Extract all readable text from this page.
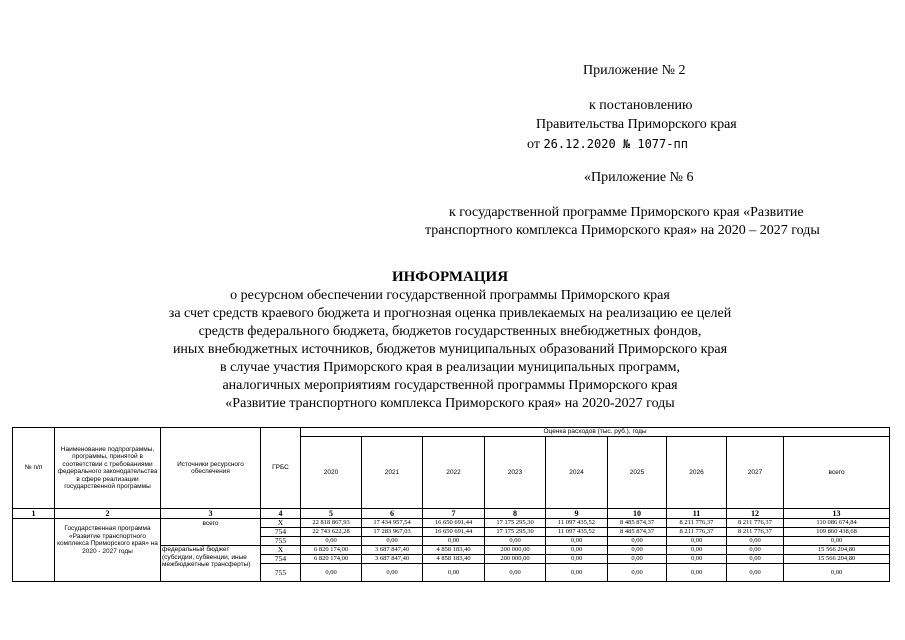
Приложение № 2
к постановлению
Правительства Приморского края
от 26.12.2020 № 1077-пп
«Приложение № 6
к государственной программе Приморского края «Развитие
транспортного комплекса Приморского края» на 2020 – 2027 годы
ИНФОРМАЦИЯ
о ресурсном обеспечении государственной программы Приморского края
за счет средств краевого бюджета и прогнозная оценка привлекаемых на реализацию ее целей
средств федерального бюджета, бюджетов государственных внебюджетных фондов,
иных внебюджетных источников, бюджетов муниципальных образований Приморского края
в случае участия Приморского края в реализации муниципальных программ,
аналогичных мероприятиям государственной программы Приморского края
«Развитие транспортного комплекса Приморского края» на 2020-2027 годы
№ п/п	Наименование подпрограммы, программы, принятой в соответствии с требованиями федерального законодательства в сфере реализации государственной программы	Источники ресурсного обеспечения	ГРБС	Оценка расходов (тыс. руб.), годы								
				2020	2021	2022	2023	2024	2025	2026	2027	всего
1	2	3	4	5	6	7	8	9	10	11	12	13
	Государственная программа «Развитие транспортного комплекса Приморского края» на 2020 - 2027 годы	всего	X	22 818 867,93	17 434 957,54	16 650 691,44	17 175 295,30	11 097 435,52	8 485 874,37	8 211 776,37	8 211 776,37	110 086 674,84
			754	22 743 622,28	17 283 967,03	16 650 691,44	17 175 295,30	11 097 435,52	8 485 874,37	8 211 776,37	8 211 776,37	109 860 438,68
			755	0,00	0,00	0,00	0,00	0,00	0,00	0,00	0,00	0,00
		федеральный бюджет (субсидии, субвенции, иные межбюджетные трансферты)	X	6 820 174,00	3 687 847,40	4 858 183,40	200 000,00	0,00	0,00	0,00	0,00	15 566 204,80
			754	6 820 174,00	3 687 847,40	4 858 183,40	200 000,00	0,00	0,00	0,00	0,00	15 566 204,80
			755	0,00	0,00	0,00	0,00	0,00	0,00	0,00	0,00	0,00
